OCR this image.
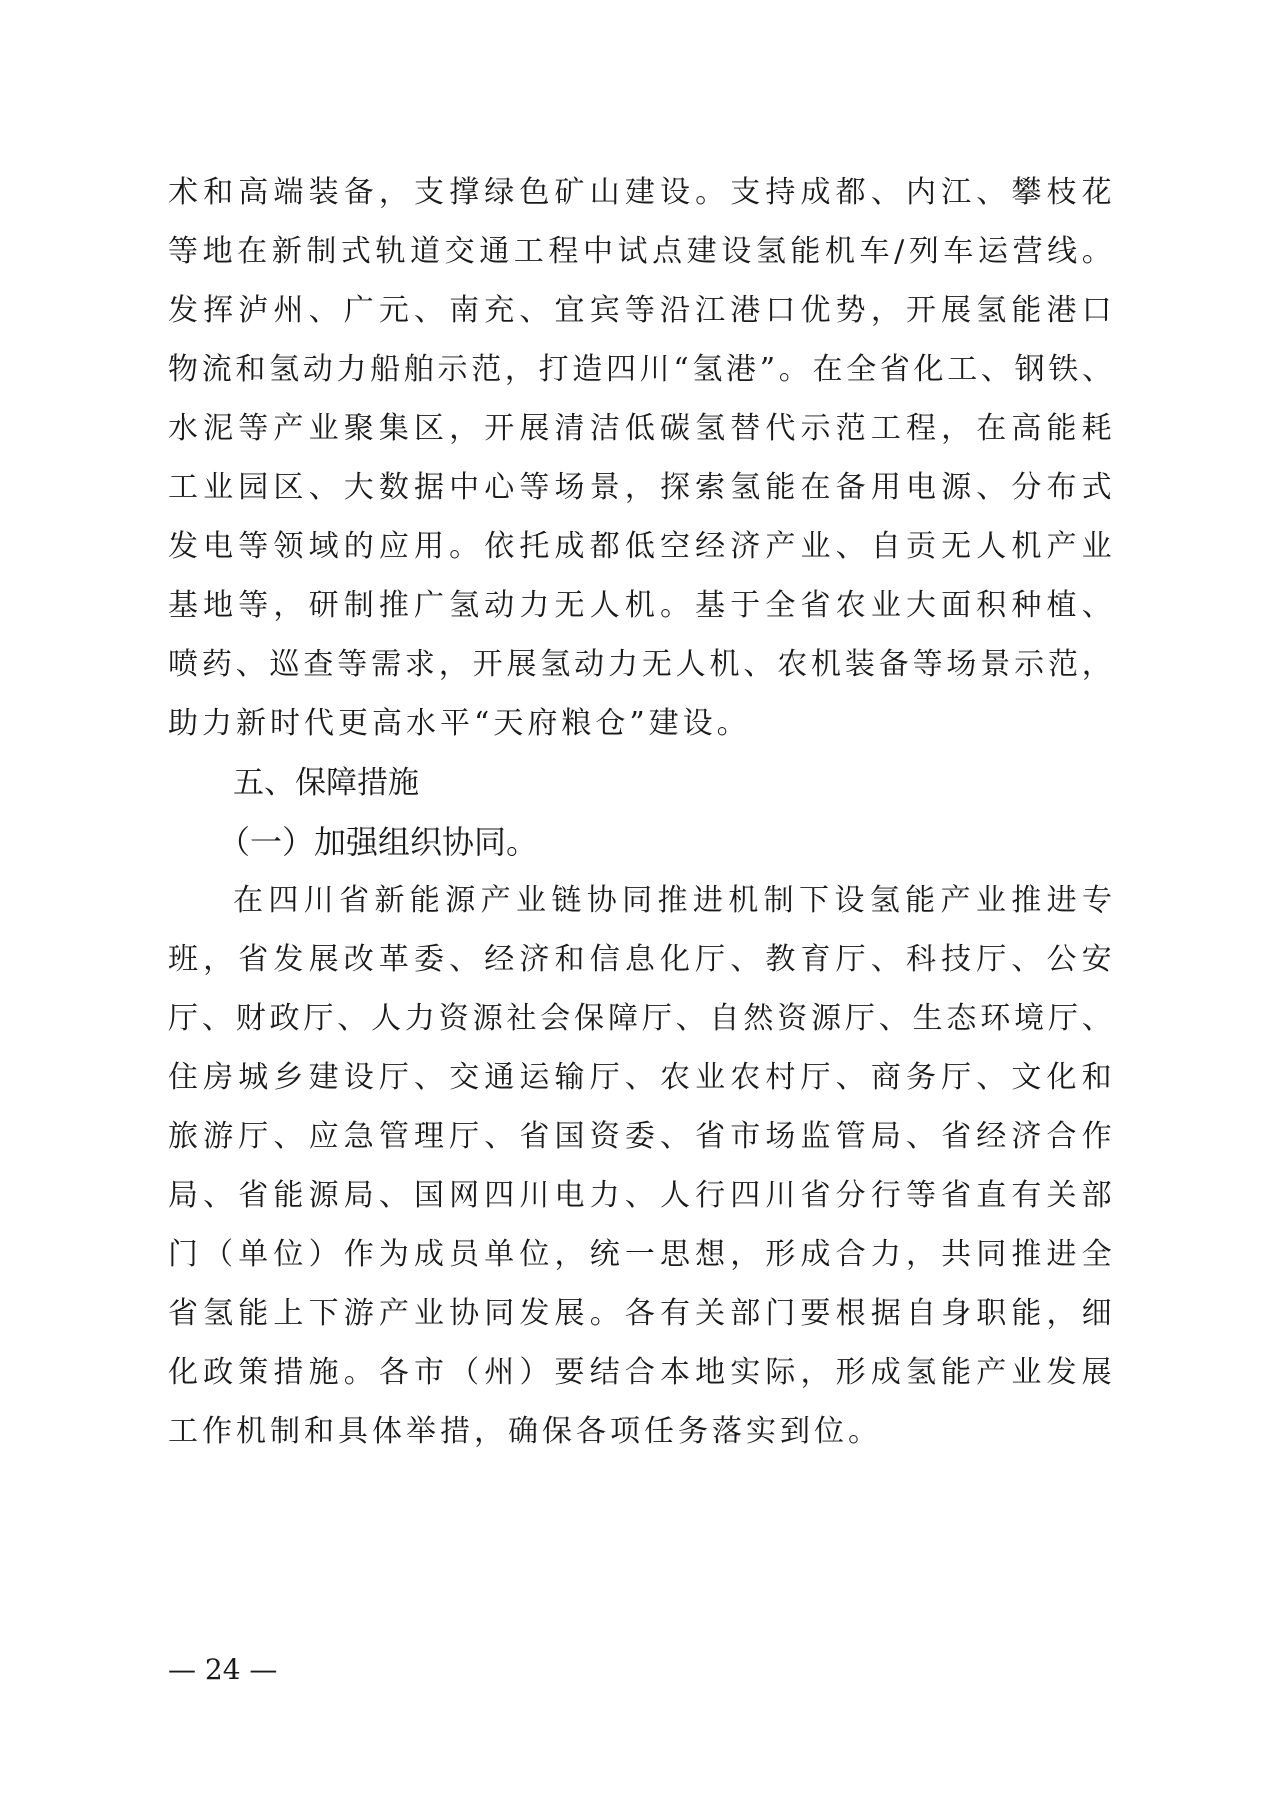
术 和 高 端 装 备 ， 支 撑 绿 色 矿 山 建 设 。 支 持 成 都 、 内 江 、 攀 枝 花
等 地 在 新 制 式 轨 道 交 通 工 程 中 试 点 建 设 氢 能 机 车 / 列 车 运 营 线 。
发 挥 泸 州 、 广 元 、 南 充 、 宜 宾 等 沿 江 港 口 优 势 ， 开 展 氢 能 港 口
物 流 和 氢 动 力 船 舶 示 范 ， 打 造 四 川 “ 氢 港 ” 。 在 全 省 化 工 、 钢 铁 、
水 泥 等 产 业 聚 集 区 ， 开 展 清 洁 低 碳 氢 替 代 示 范 工 程 ， 在 高 能 耗
工 业 园 区 、 大 数 据 中 心 等 场 景 ， 探 索 氢 能 在 备 用 电 源 、 分 布 式
发 电 等 领 域 的 应 用 。 依 托 成 都 低 空 经 济 产 业 、 自 贡 无 人 机 产 业
基 地 等 ， 研 制 推 广 氢 动 力 无 人 机 。 基 于 全 省 农 业 大 面 积 种 植 、
喷 药 、 巡 查 等 需 求 ， 开 展 氢 动 力 无 人 机 、 农 机 装 备 等 场 景 示 范 ，
助力新时代更高水平“天府粮仓”建设。
五、保障措施
（一）加强组织协同。
在 四 川 省 新 能 源 产 业 链 协 同 推 进 机 制 下 设 氢 能 产 业 推 进 专
班 ， 省 发 展 改 革 委 、 经 济 和 信 息 化 厅 、 教 育 厅 、 科 技 厅 、 公 安
厅 、 财 政 厅 、 人 力 资 源 社 会 保 障 厅 、 自 然 资 源 厅 、 生 态 环 境 厅 、
住 房 城 乡 建 设 厅 、 交 通 运 输 厅 、 农 业 农 村 厅 、 商 务 厅 、 文 化 和
旅 游 厅 、 应 急 管 理 厅 、 省 国 资 委 、 省 市 场 监 管 局 、 省 经 济 合 作
局 、 省 能 源 局 、 国 网 四 川 电 力 、 人 行 四 川 省 分 行 等 省 直 有 关 部
门 （ 单 位 ） 作 为 成 员 单 位 ， 统 一 思 想 ， 形 成 合 力 ， 共 同 推 进 全
省 氢 能 上 下 游 产 业 协 同 发 展 。 各 有 关 部 门 要 根 据 自 身 职 能 ， 细
化 政 策 措 施 。 各 市 （ 州 ） 要 结 合 本 地 实 际 ， 形 成 氢 能 产 业 发 展
工作机制和具体举措，确保各项任务落实到位。
— 24 —
